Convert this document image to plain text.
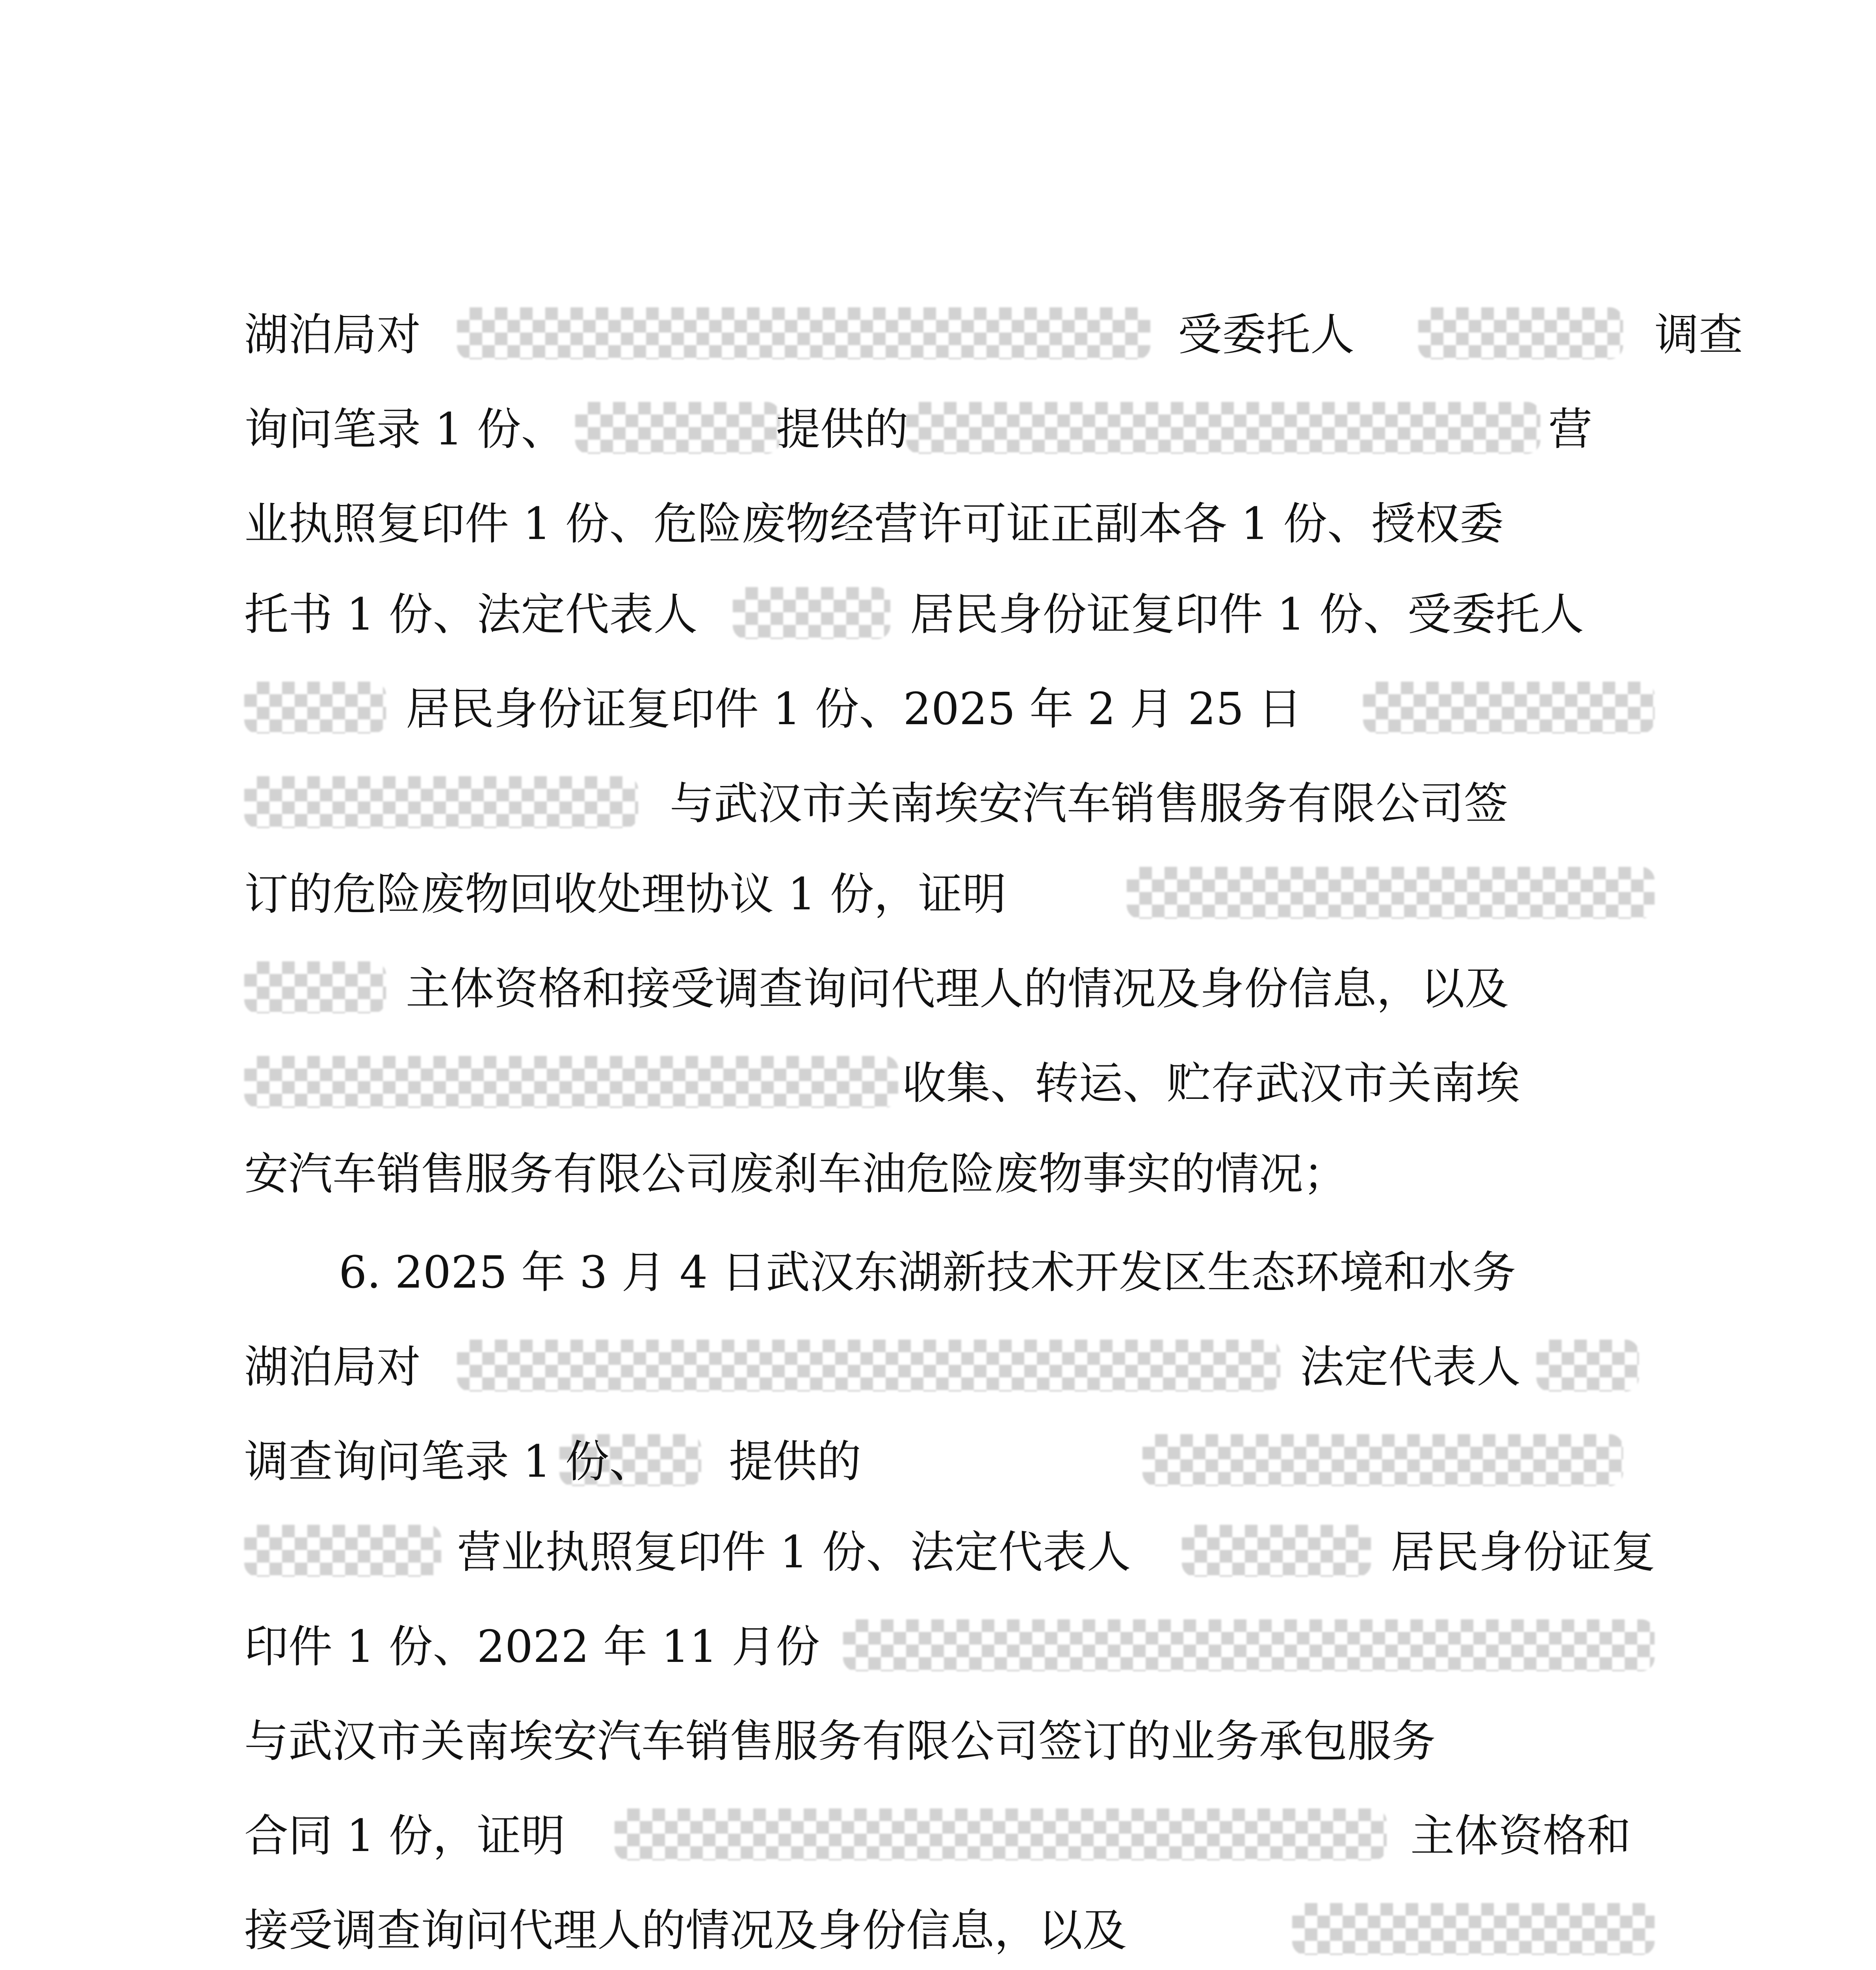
湖泊局对	受委托人	调查
询问笔录 1 份、	提供的	营
业执照复印件 1 份、危险废物经营许可证正副本各 1 份、授权委
托书 1 份、法定代表人	居民身份证复印件 1 份、受委托人
居民身份证复印件 1 份、2025 年 2 月 25 日
与武汉市关南埃安汽车销售服务有限公司签
订的危险废物回收处理协议 1 份，证明
主体资格和接受调查询问代理人的情况及身份信息，以及
收集、转运、贮存武汉市关南埃
安汽车销售服务有限公司废刹车油危险废物事实的情况；
6. 2025 年 3 月 4 日武汉东湖新技术开发区生态环境和水务
湖泊局对	法定代表人
调查询问笔录 1 份、 提供的
营业执照复印件 1 份、法定代表人	居民身份证复
印件 1 份、2022 年 11 月份
与武汉市关南埃安汽车销售服务有限公司签订的业务承包服务
合同 1 份，证明	主体资格和
接受调查询问代理人的情况及身份信息，以及
